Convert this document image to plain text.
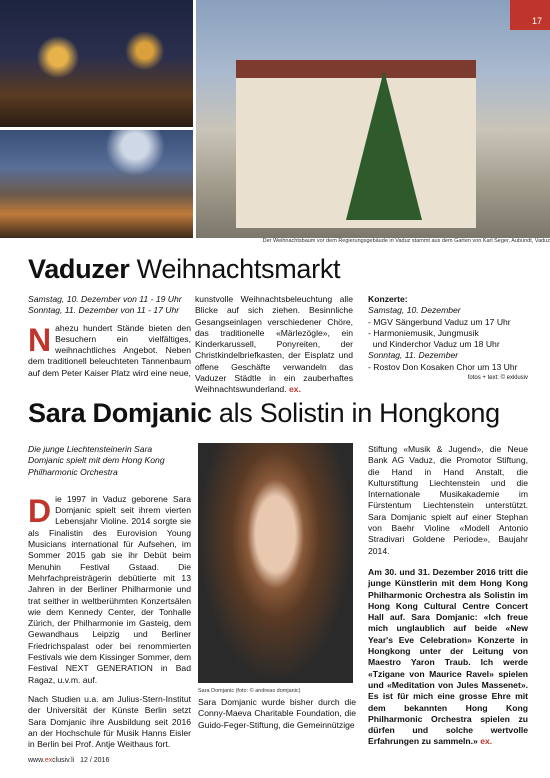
17
Der Weihnachtsbaum vor dem Regierungsgebäude in Vaduz stammt aus dem Garten von Karl Seger, Aubündt, Vaduz
Vaduzer Weihnachtsmarkt
Samstag, 10. Dezember von 11 - 19 Uhr
Sonntag, 11. Dezember von 11 - 17 Uhr
N ahezu hundert Stände bieten den Besuchern ein vielfältiges, weihnachtliches Angebot. Neben dem traditionell beleuchteten Tannenbaum auf dem Peter Kaiser Platz wird eine neue,
kunstvolle Weihnachtsbeleuchtung alle Blicke auf sich ziehen. Besinnliche Gesangseinlagen verschiedener Chöre, das traditionelle «Märlezögle», ein Kinderkarussell, Ponyreiten, der Christkindelbriefkasten, der Eisplatz und offene Geschäfte verwandeln das Vaduzer Städtle in ein zauberhaftes Weihnachtswunderland. ex.
Konzerte:
Samstag, 10. Dezember
- MGV Sängerbund Vaduz um 17 Uhr
- Harmoniemusik, Jungmusik
und Kinderchor Vaduz um 18 Uhr
Sonntag, 11. Dezember
- Rostov Don Kosaken Chor um 13 Uhr
fotos + text: © exklusiv
Sara Domjanic als Solistin in Hongkong
Die junge Liechtensteinerin Sara Domjanic spielt mit dem Hong Kong Philharmonic Orchestra
D ie 1997 in Vaduz geborene Sara Domjanic spielt seit ihrem vierten Lebensjahr Violine. 2014 sorgte sie als Finalistin des Eurovision Young Musicians international für Aufsehen, im Sommer 2015 gab sie ihr Debüt beim Menuhin Festival Gstaad. Die Mehrfachpreisträgerin debütierte mit 13 Jahren in der Berliner Philharmonie und trat seither in weltberühmten Konzertsälen wie dem Kennedy Center, der Tonhalle Zürich, der Philharmonie im Gasteig, dem Gewandhaus Leipzig und Berliner Friedrichspalast oder bei renommierten Festivals wie dem Kissinger Sommer, dem Festival NEXT GENERATION in Bad Ragaz, u.v.m. auf.
Nach Studien u.a. am Julius-Stern-Institut der Universität der Künste Berlin setzt Sara Domjanic ihre Ausbildung seit 2016 an der Hochschule für Musik Hanns Eisler in Berlin bei Prof. Antje Weithaus fort.
Sara Domjanic (foto: © andreas domjanic)
Sara Domjanic wurde bisher durch die Conny-Maeva Charitable Foundation, die Guido-Feger-Stiftung, die Gemeinnützige
Stiftung «Musik & Jugend», die Neue Bank AG Vaduz, die Promotor Stiftung, die Hand in Hand Anstalt, die Kulturstiftung Liechtenstein und die Internationale Musikakademie im Fürstentum Liechtenstein unterstützt. Sara Domjanic spielt auf einer Stephan von Baehr Violine «Modell Antonio Stradivari Goldene Periode», Baujahr 2014.
Am 30. und 31. Dezember 2016 tritt die junge Künstlerin mit dem Hong Kong Philharmonic Orchestra als Solistin im Hong Kong Cultural Centre Concert Hall auf. Sara Domjanic: «Ich freue mich unglaublich auf beide «New Year's Eve Celebration» Konzerte in Hongkong unter der Leitung von Maestro Yaron Traub. Ich werde «Tzigane von Maurice Ravel» spielen und «Meditation von Jules Massenet». Es ist für mich eine grosse Ehre mit dem bekannten Hong Kong Philharmonic Orchestra spielen zu dürfen und solche wertvolle Erfahrungen zu sammeln.» ex.
www.exclusiv.li 12 / 2016
